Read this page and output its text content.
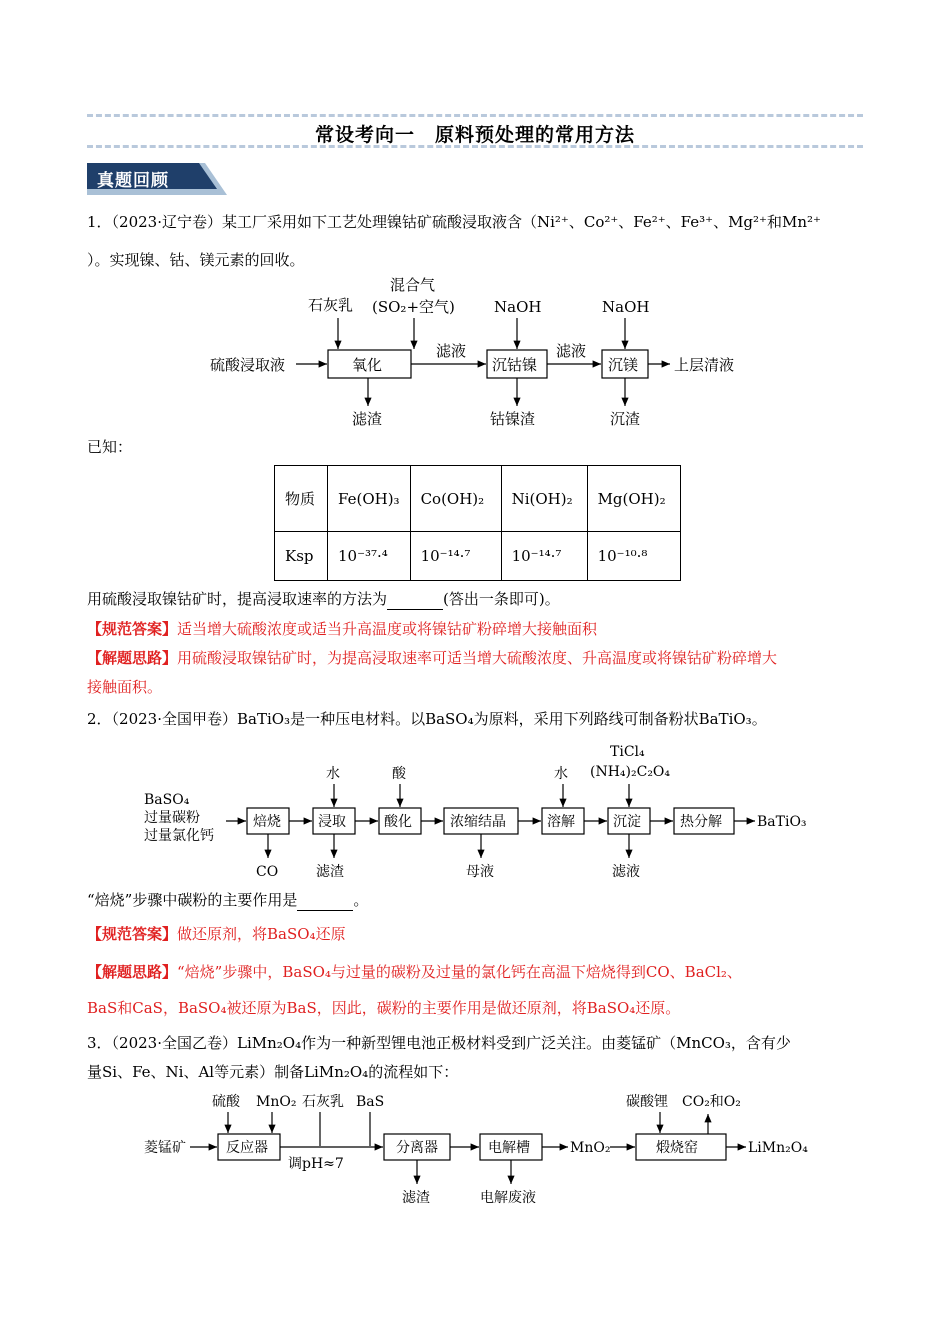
常设考向一　原料预处理的常用方法
真题回顾
1．（2023·辽宁卷）某工厂采用如下工艺处理镍钴矿硫酸浸取液含（Ni²⁺、Co²⁺、Fe²⁺、Fe³⁺、Mg²⁺和Mn²⁺
）。实现镍、钴、镁元素的回收。
硫酸浸取液
石灰乳
混合气
(SO₂+空气)
氧化
滤液
沉钴镍
滤液
沉镁 上层清液
NaOH	NaOH
滤渣	钴镍渣	沉渣
已知：
物质	Fe(OH)₃	Co(OH)₂	Ni(OH)₂	Mg(OH)₂
Ksp	10⁻³⁷·⁴	10⁻¹⁴·⁷	10⁻¹⁴·⁷	10⁻¹⁰·⁸
用硫酸浸取镍钴矿时，提高浸取速率的方法为	(答出一条即可)。
【规范答案】适当增大硫酸浓度或适当升高温度或将镍钴矿粉碎增大接触面积
【解题思路】用硫酸浸取镍钴矿时，为提高浸取速率可适当增大硫酸浓度、升高温度或将镍钴矿粉碎增大
接触面积。
2．（2023·全国甲卷）BaTiO₃是一种压电材料。以BaSO₄为原料，采用下列路线可制备粉状BaTiO₃。
BaSO₄
过量碳粉
过量氯化钙
焙烧	浸取	酸化	浓缩结晶	溶解	沉淀	热分解	BaTiO₃
水	酸	水
TiCl₄
(NH₄)₂C₂O₄
CO	滤渣	母液	滤液
“焙烧”步骤中碳粉的主要作用是	。
【规范答案】做还原剂，将BaSO₄还原
【解题思路】“焙烧”步骤中，BaSO₄与过量的碳粉及过量的氯化钙在高温下焙烧得到CO、BaCl₂、
BaS和CaS，BaSO₄被还原为BaS，因此，碳粉的主要作用是做还原剂，将BaSO₄还原。
3．（2023·全国乙卷）LiMn₂O₄作为一种新型锂电池正极材料受到广泛关注。由菱锰矿（MnCO₃，含有少
量Si、Fe、Ni、Al等元素）制备LiMn₂O₄的流程如下：
菱锰矿
硫酸 MnO₂ 石灰乳 BaS
反应器
调pH≈7
分离器	电解槽	MnO₂
碳酸锂 CO₂和O₂
煅烧窑	LiMn₂O₄
滤渣	电解废液
